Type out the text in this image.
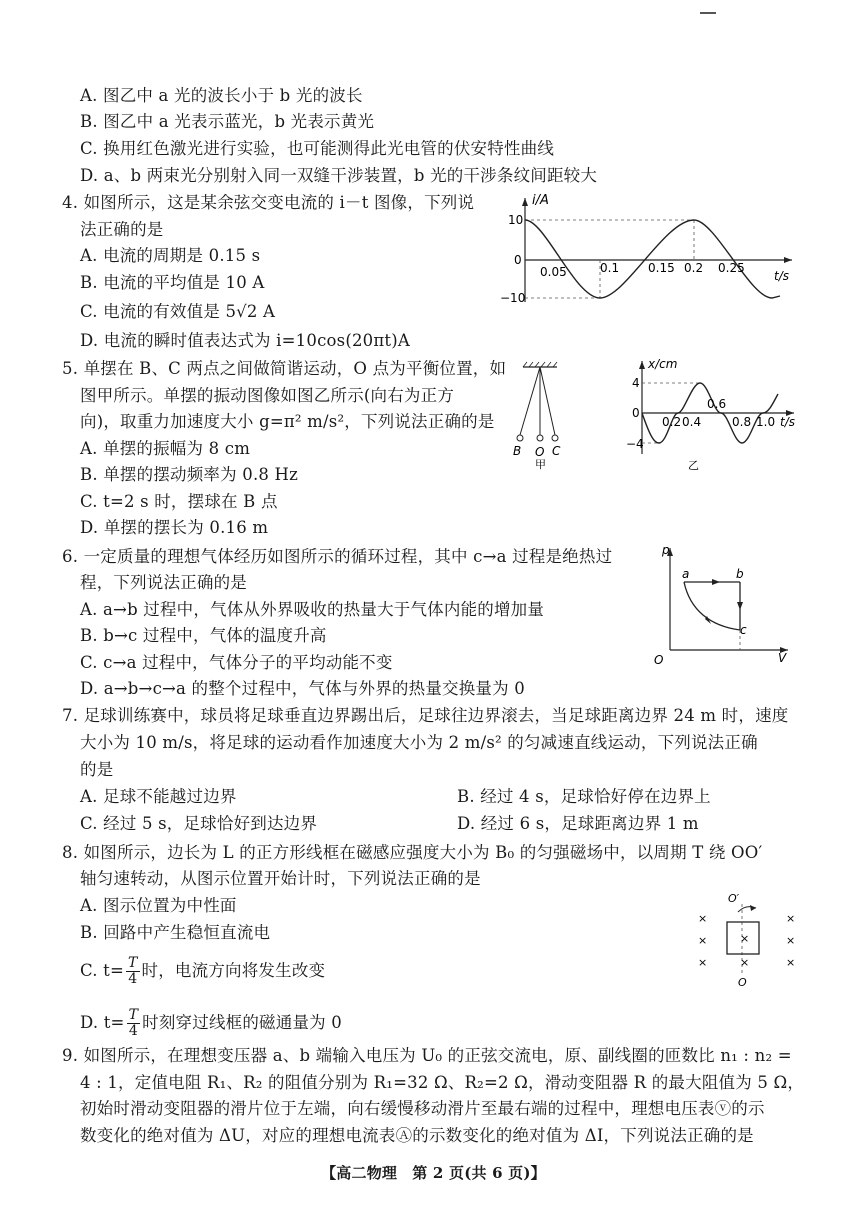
A. 图乙中 a 光的波长小于 b 光的波长
B. 图乙中 a 光表示蓝光，b 光表示黄光
C. 换用红色激光进行实验，也可能测得此光电管的伏安特性曲线
D. a、b 两束光分别射入同一双缝干涉装置，b 光的干涉条纹间距较大
4. 如图所示，这是某余弦交变电流的 i－t 图像，下列说
法正确的是
A. 电流的周期是 0.15 s
B. 电流的平均值是 10 A
C. 电流的有效值是 5√2 A
D. 电流的瞬时值表达式为 i=10cos(20πt)A
i/A
10
0
−10
0.05	0.1 0.15 0.2 0.25
t/s
5. 单摆在 B、C 两点之间做简谐运动，O 点为平衡位置，如
图甲所示。单摆的振动图像如图乙所示(向右为正方
向)，取重力加速度大小 g=π² m/s²，下列说法正确的是
A. 单摆的振幅为 8 cm
B. 单摆的摆动频率为 0.8 Hz
C. t=2 s 时，摆球在 B 点
D. 单摆的摆长为 0.16 m
B O C
甲
x/cm
4
0
−4
0.2 0.4
0.6
0.8 1.0 t/s
乙
6. 一定质量的理想气体经历如图所示的循环过程，其中 c→a 过程是绝热过
程，下列说法正确的是
A. a→b 过程中，气体从外界吸收的热量大于气体内能的增加量
B. b→c 过程中，气体的温度升高
C. c→a 过程中，气体分子的平均动能不变
D. a→b→c→a 的整个过程中，气体与外界的热量交换量为 0
p
V
O
a	b
c
7. 足球训练赛中，球员将足球垂直边界踢出后，足球往边界滚去，当足球距离边界 24 m 时，速度
大小为 10 m/s，将足球的运动看作加速度大小为 2 m/s² 的匀减速直线运动，下列说法正确
的是
A. 足球不能越过边界	B. 经过 4 s，足球恰好停在边界上
C. 经过 5 s，足球恰好到达边界	D. 经过 6 s，足球距离边界 1 m
8. 如图所示，边长为 L 的正方形线框在磁感应强度大小为 B₀ 的匀强磁场中，以周期 T 绕 OO′
轴匀速转动，从图示位置开始计时，下列说法正确的是
A. 图示位置为中性面
B. 回路中产生稳恒直流电
C. $t= \frac{T}{4}$ 时，电流方向将发生改变
D. $t= \frac{T}{4}$ 时刻穿过线框的磁通量为 0
O′
O
×	×
×	×	×
×	×	×
9. 如图所示，在理想变压器 a、b 端输入电压为 U₀ 的正弦交流电，原、副线圈的匝数比 n₁ : n₂ =
4 : 1，定值电阻 R₁、R₂ 的阻值分别为 R₁=32 Ω、R₂=2 Ω，滑动变阻器 R 的最大阻值为 5 Ω，
初始时滑动变阻器的滑片位于左端，向右缓慢移动滑片至最右端的过程中，理想电压表ⓥ的示
数变化的绝对值为 ΔU，对应的理想电流表Ⓐ的示数变化的绝对值为 ΔI，下列说法正确的是
【高二物理　第 2 页(共 6 页)】
